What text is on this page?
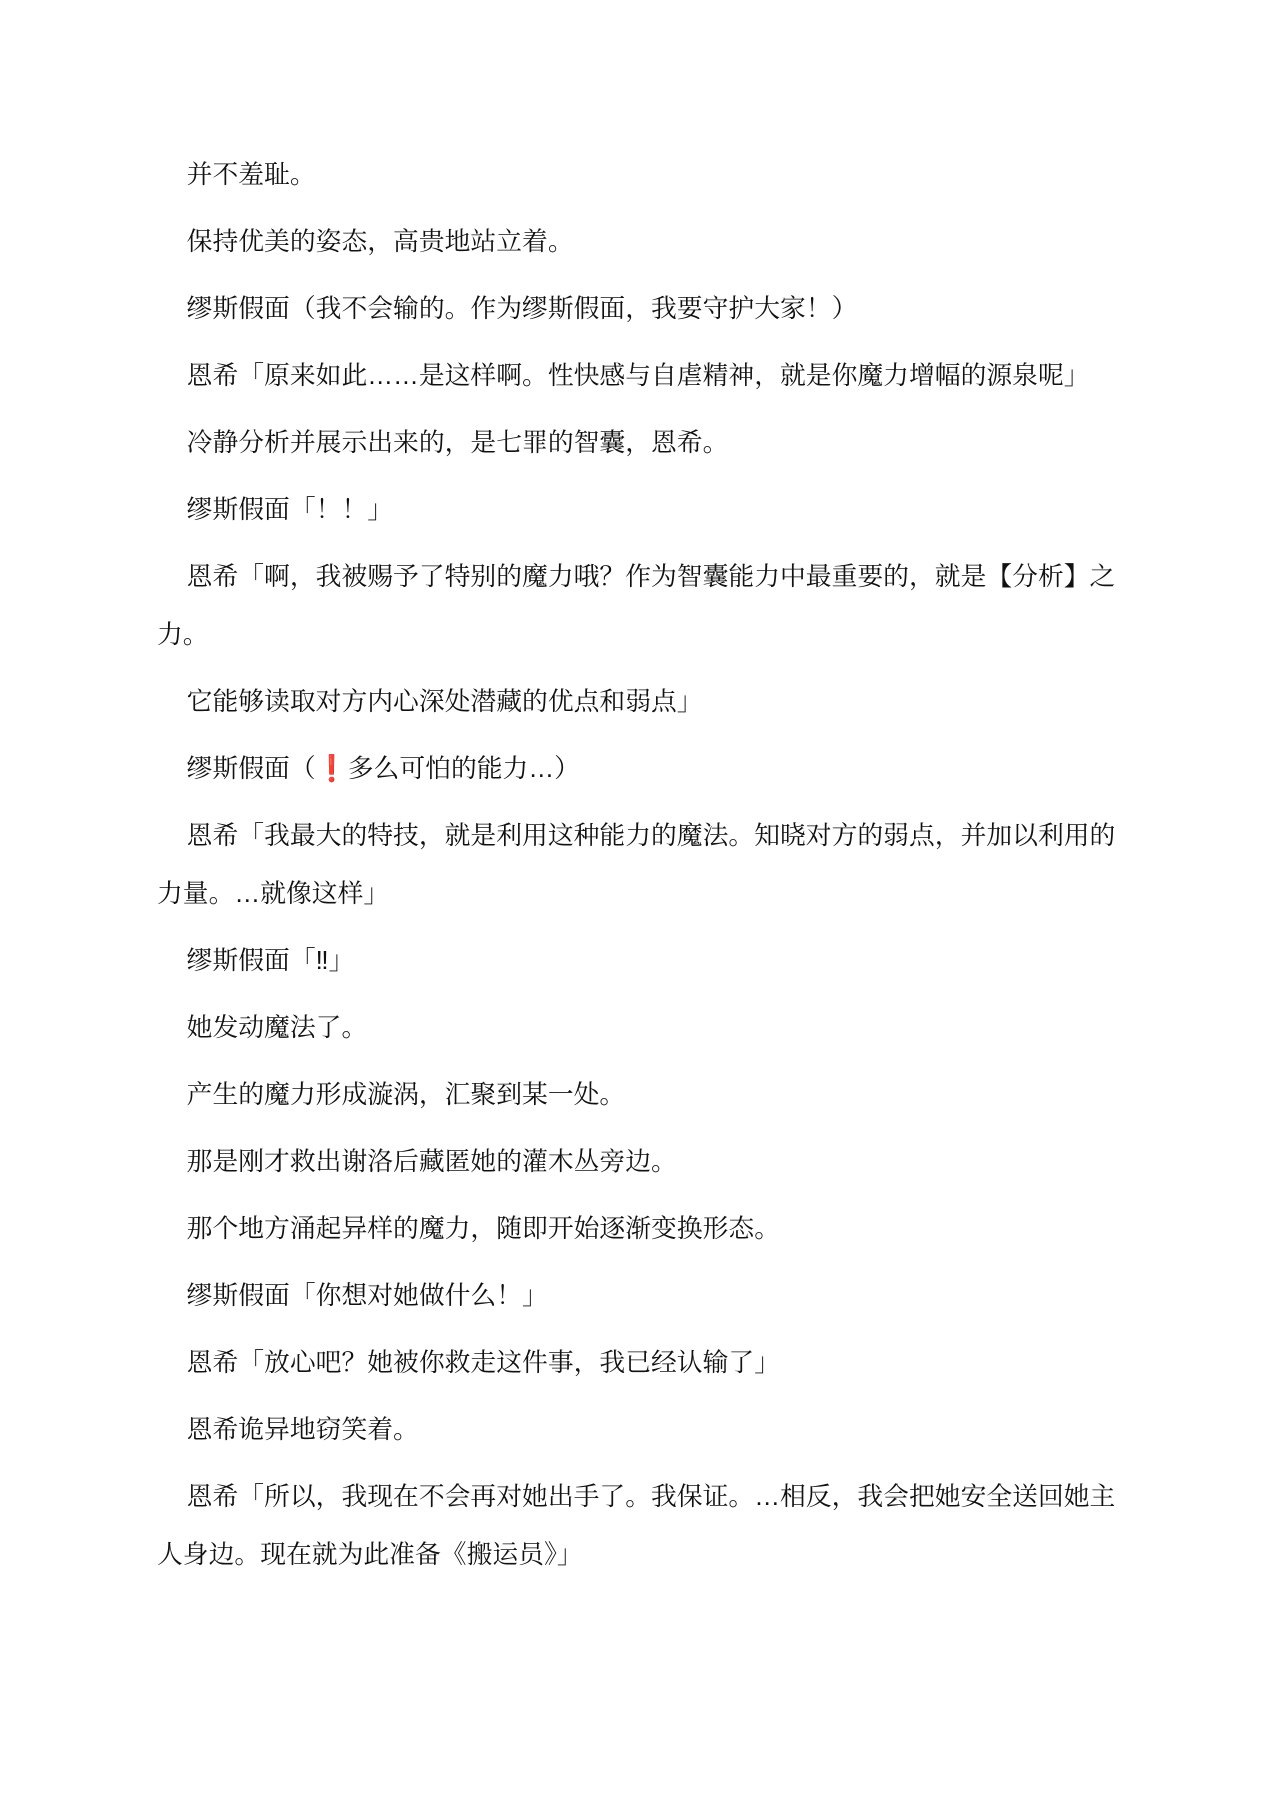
并不羞耻。

保持优美的姿态，高贵地站立着。

缪斯假面（我不会输的。作为缪斯假面，我要守护大家！）

恩希「原来如此……是这样啊。性快感与自虐精神，就是你魔力增幅的源泉呢」

冷静分析并展示出来的，是七罪的智囊，恩希。

缪斯假面「！！」

恩希「啊，我被赐予了特别的魔力哦？作为智囊能力中最重要的，就是【分析】之力。

它能够读取对方内心深处潜藏的优点和弱点」

缪斯假面（❗多么可怕的能力…）

恩希「我最大的特技，就是利用这种能力的魔法。知晓对方的弱点，并加以利用的力量。…就像这样」

缪斯假面「‼」

她发动魔法了。

产生的魔力形成漩涡，汇聚到某一处。

那是刚才救出谢洛后藏匿她的灌木丛旁边。

那个地方涌起异样的魔力，随即开始逐渐变换形态。

缪斯假面「你想对她做什么！」

恩希「放心吧？她被你救走这件事，我已经认输了」

恩希诡异地窃笑着。

恩希「所以，我现在不会再对她出手了。我保证。…相反，我会把她安全送回她主人身边。现在就为此准备《搬运员》」
